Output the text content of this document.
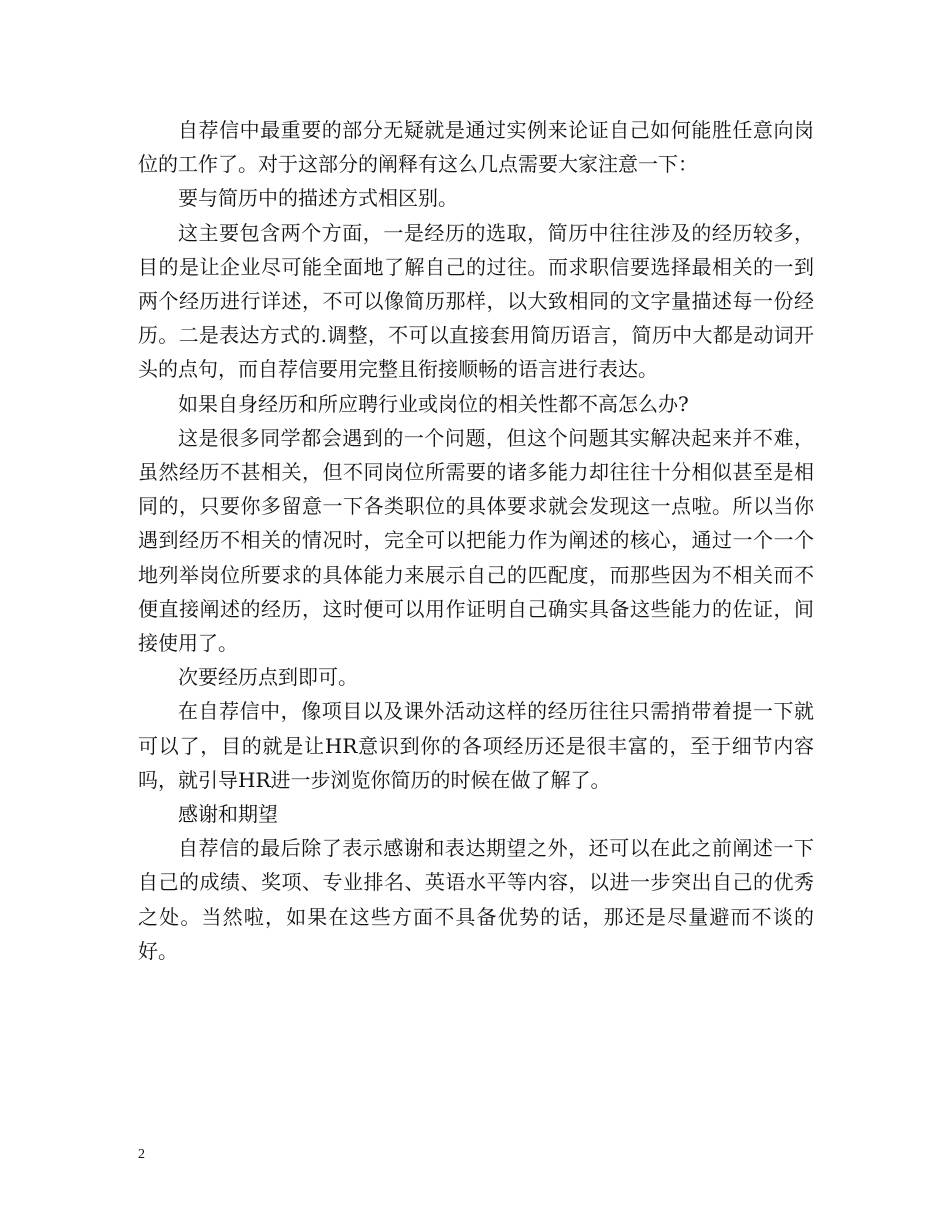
自荐信中最重要的部分无疑就是通过实例来论证自己如何能胜任意向岗位的工作了。对于这部分的阐释有这么几点需要大家注意一下：

要与简历中的描述方式相区别。

这主要包含两个方面，一是经历的选取，简历中往往涉及的经历较多，目的是让企业尽可能全面地了解自己的过往。而求职信要选择最相关的一到两个经历进行详述，不可以像简历那样，以大致相同的文字量描述每一份经历。二是表达方式的.调整，不可以直接套用简历语言，简历中大都是动词开头的点句，而自荐信要用完整且衔接顺畅的语言进行表达。

如果自身经历和所应聘行业或岗位的相关性都不高怎么办?

这是很多同学都会遇到的一个问题，但这个问题其实解决起来并不难，虽然经历不甚相关，但不同岗位所需要的诸多能力却往往十分相似甚至是相同的，只要你多留意一下各类职位的具体要求就会发现这一点啦。所以当你遇到经历不相关的情况时，完全可以把能力作为阐述的核心，通过一个一个地列举岗位所要求的具体能力来展示自己的匹配度，而那些因为不相关而不便直接阐述的经历，这时便可以用作证明自己确实具备这些能力的佐证，间接使用了。

次要经历点到即可。

在自荐信中，像项目以及课外活动这样的经历往往只需捎带着提一下就可以了，目的就是让HR意识到你的各项经历还是很丰富的，至于细节内容吗，就引导HR进一步浏览你简历的时候在做了解了。

感谢和期望

自荐信的最后除了表示感谢和表达期望之外，还可以在此之前阐述一下自己的成绩、奖项、专业排名、英语水平等内容，以进一步突出自己的优秀之处。当然啦，如果在这些方面不具备优势的话，那还是尽量避而不谈的好。

2
